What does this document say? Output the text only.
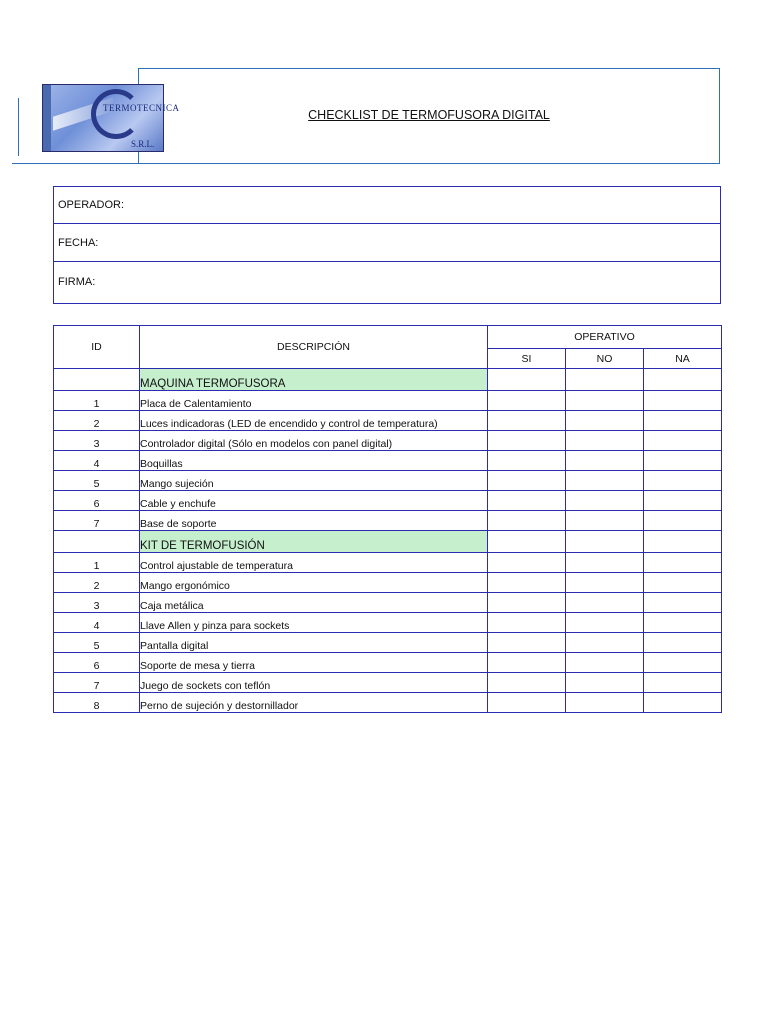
TERMOTECNICA
S.R.L.
CHECKLIST DE TERMOFUSORA DIGITAL
OPERADOR:
FECHA:
FIRMA:
ID	DESCRIPCIÓN	OPERATIVO		
		SI	NO	NA
	MAQUINA TERMOFUSORA			
1	Placa de Calentamiento			
2	Luces indicadoras (LED de encendido y control de temperatura)			
3	Controlador digital (Sólo en modelos con panel digital)			
4	Boquillas			
5	Mango sujeción			
6	Cable y enchufe			
7	Base de soporte			
	KIT DE TERMOFUSIÓN			
1	Control ajustable de temperatura			
2	Mango ergonómico			
3	Caja metálica			
4	Llave Allen y pinza para sockets			
5	Pantalla digital			
6	Soporte de mesa y tierra			
7	Juego de sockets con teflón			
8	Perno de sujeción y destornillador			
